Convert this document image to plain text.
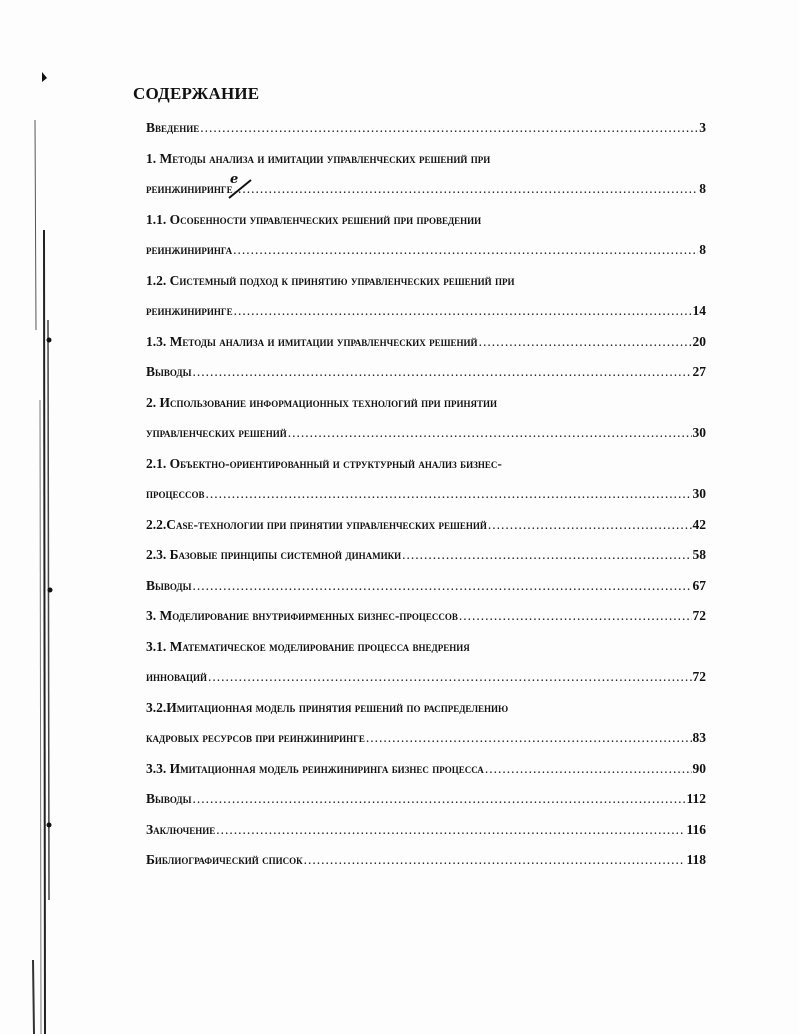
СОДЕРЖАНИЕ
е
Введение .....	3
1. Методы анализа и имитации управленческих решений при
реинжиниринге .....	8
1.1. Особенности управленческих решений при проведении
реинжиниринга .....	8
1.2. Системный подход к принятию управленческих решений при
реинжиниринге .....	14
1.3. Методы анализа и имитации управленческих решений .....	20
Выводы .....	27
2. Использование информационных технологий при принятии
управленческих решений .....	30
2.1. Объектно-ориентированный и структурный анализ бизнес-
процессов .....	30
2.2.Case-технологии при принятии управленческих решений .....	42
2.3. Базовые принципы системной динамики .....	58
Выводы .....	67
3. Моделирование внутрифирменных бизнес-процессов .....	72
3.1. Математическое моделирование процесса внедрения
инноваций .....	72
3.2.Имитационная модель принятия решений по распределению
кадровых ресурсов при реинжиниринге .....	83
3.3. Имитационная модель реинжиниринга бизнес процесса .....	90
Выводы .....	112
Заключение .....	116
Библиографический список .....	118
